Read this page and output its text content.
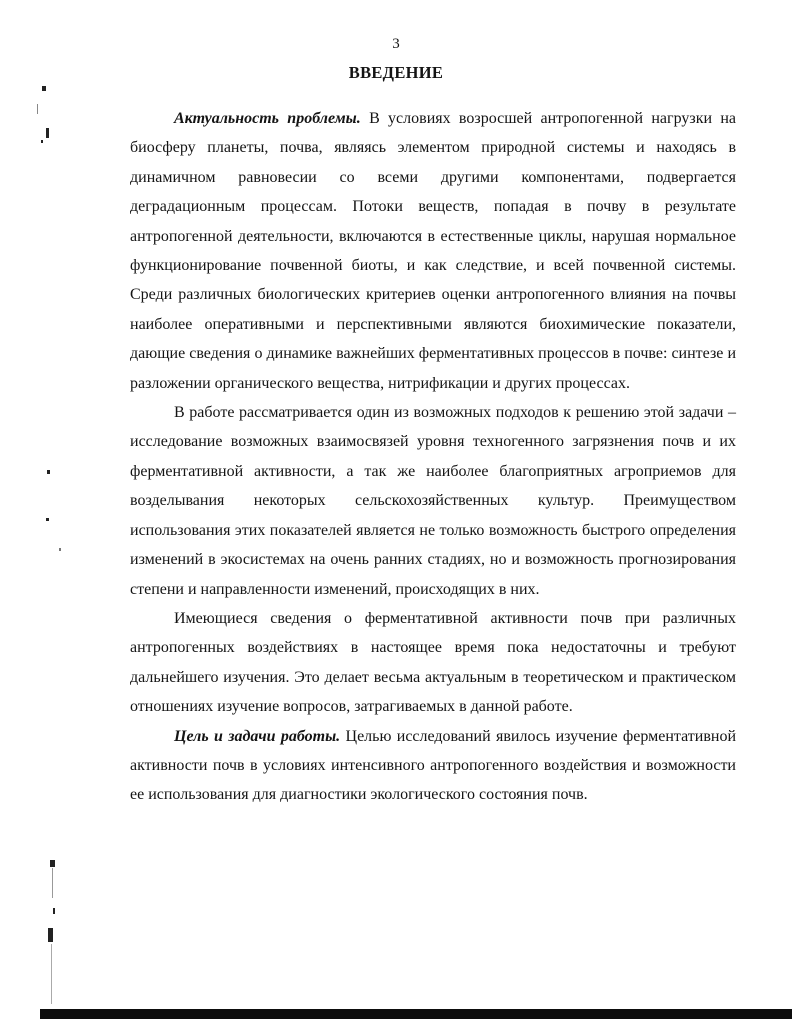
3
ВВЕДЕНИЕ

Актуальность проблемы. В условиях возросшей антропогенной нагрузки на биосферу планеты, почва, являясь элементом природной системы и находясь в динамичном равновесии со всеми другими компонентами, подвергается деградационным процессам. Потоки веществ, попадая в почву в результате антропогенной деятельности, включаются в естественные циклы, нарушая нормальное функционирование почвенной биоты, и как следствие, и всей почвенной системы. Среди различных биологических критериев оценки антропогенного влияния на почвы наиболее оперативными и перспективными являются биохимические показатели, дающие сведения о динамике важнейших ферментативных процессов в почве: синтезе и разложении органического вещества, нитрификации и других процессах.

В работе рассматривается один из возможных подходов к решению этой задачи – исследование возможных взаимосвязей уровня техногенного загрязнения почв и их ферментативной активности, а так же наиболее благоприятных агроприемов для возделывания некоторых сельскохозяйственных культур. Преимуществом использования этих показателей является не только возможность быстрого определения изменений в экосистемах на очень ранних стадиях, но и возможность прогнозирования степени и направленности изменений, происходящих в них.

Имеющиеся сведения о ферментативной активности почв при различных антропогенных воздействиях в настоящее время пока недостаточны и требуют дальнейшего изучения. Это делает весьма актуальным в теоретическом и практическом отношениях изучение вопросов, затрагиваемых в данной работе.

Цель и задачи работы. Целью исследований явилось изучение ферментативной активности почв в условиях интенсивного антропогенного воздействия и возможности ее использования для диагностики экологического состояния почв.
